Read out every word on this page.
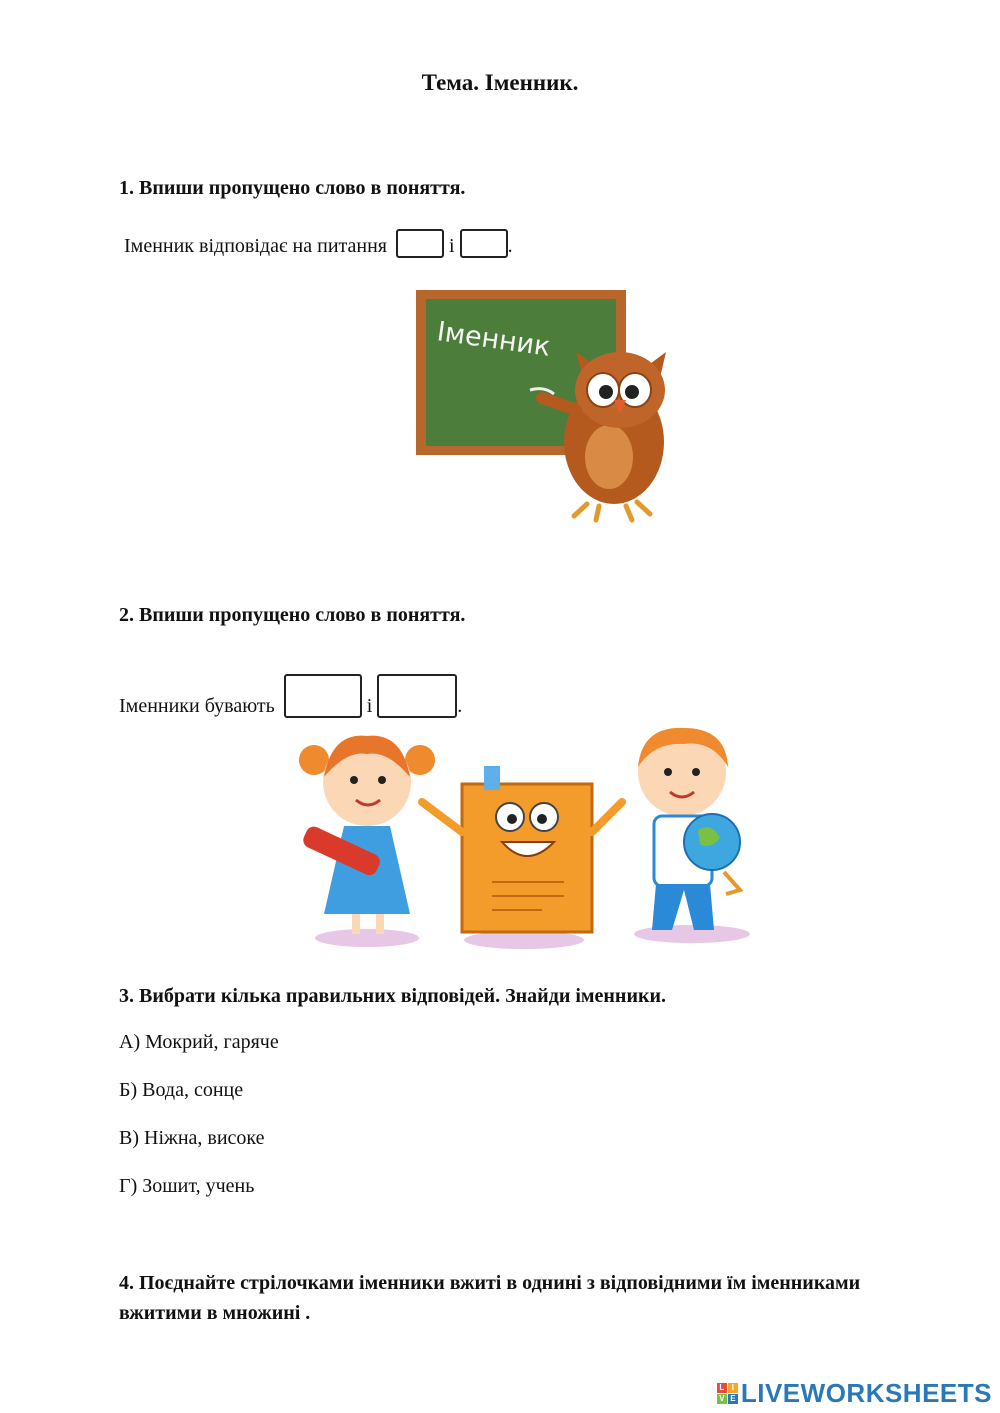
Тема. Іменник.
1. Впиши пропущено слово в поняття.
Іменник відповідає на питання	і	.
Іменник
2. Впиши пропущено слово в поняття.
Іменники бувають	і	.
3. Вибрати кілька правильних відповідей. Знайди іменники.
А) Мокрий, гаряче
Б) Вода, сонце
В) Ніжна, високе
Г) Зошит, учень
4. Поєднайте стрілочками іменники вжиті в однині з відповідними їм іменниками вжитими в множині .
L I
V E LIVEWORKSHEETS
